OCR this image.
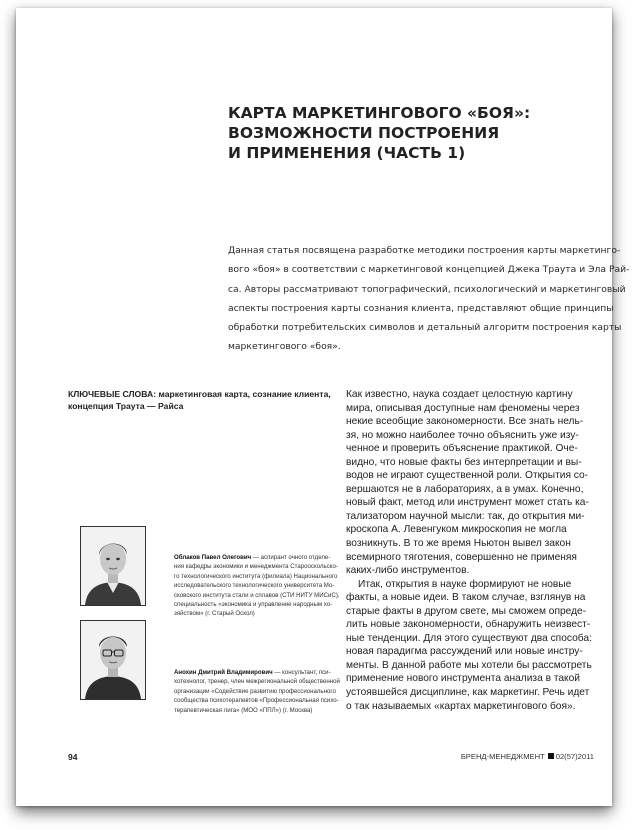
КАРТА МАРКЕТИНГОВОГО «БОЯ»:
ВОЗМОЖНОСТИ ПОСТРОЕНИЯ
И ПРИМЕНЕНИЯ (ЧАСТЬ 1)

Данная статья посвящена разработке методики построения карты маркетинго-
вого «боя» в соответствии с маркетинговой концепцией Джека Траута и Эла Рай-
са. Авторы рассматривают топографический, психологический и маркетинговый
аспекты построения карты сознания клиента, представляют общие принципы
обработки потребительских символов и детальный алгоритм построения карты
маркетингового «боя».

КЛЮЧЕВЫЕ СЛОВА: маркетинговая карта, сознание клиента,
концепция Траута — Райса

Как известно, наука создает целостную картину
мира, описывая доступные нам феномены через
некие всеобщие закономерности. Все знать нель-
зя, но можно наиболее точно объяснить уже изу-
ченное и проверить объяснение практикой. Оче-
видно, что новые факты без интерпретации и вы-
водов не играют существенной роли. Открытия со-
вершаются не в лабораториях, а в умах. Конечно,
новый факт, метод или инструмент может стать ка-
тализатором научной мысли: так, до открытия ми-
кроскопа А. Левенгуком микроскопия не могла
возникнуть. В то же время Ньютон вывел закон
всемирного тяготения, совершенно не применяя
каких-либо инструментов.
Итак, открытия в науке формируют не новые
факты, а новые идеи. В таком случае, взглянув на
старые факты в другом свете, мы сможем опреде-
лить новые закономерности, обнаружить неизвест-
ные тенденции. Для этого существуют два способа:
новая парадигма рассуждений или новые инстру-
менты. В данной работе мы хотели бы рассмотреть
применение нового инструмента анализа в такой
устоявшейся дисциплине, как маркетинг. Речь идет
о так называемых «картах маркетингового боя».

Облаков Павел Олегович — аспирант очного отделе-
ния кафедры экономики и менеджмента Старооскольско-
го технологического института (филиала) Национального
исследовательского технологического университета Мо-
сковского института стали и сплавов (СТИ НИТУ МИСиС),
специальность «экономика и управление народным хо-
зяйством» (г. Старый Оскол)

Анохин Дмитрий Владимирович — консультант, пси-
хотехнолог, тренер, член межрегиональной общественной
организации «Содействие развитию профессионального
сообщества психотерапевтов «Профессиональная психо-
терапевтическая лига» (МОО «ППЛ») (г. Москва)

94	БРЕНД-МЕНЕДЖМЕНТ 02(57)2011
